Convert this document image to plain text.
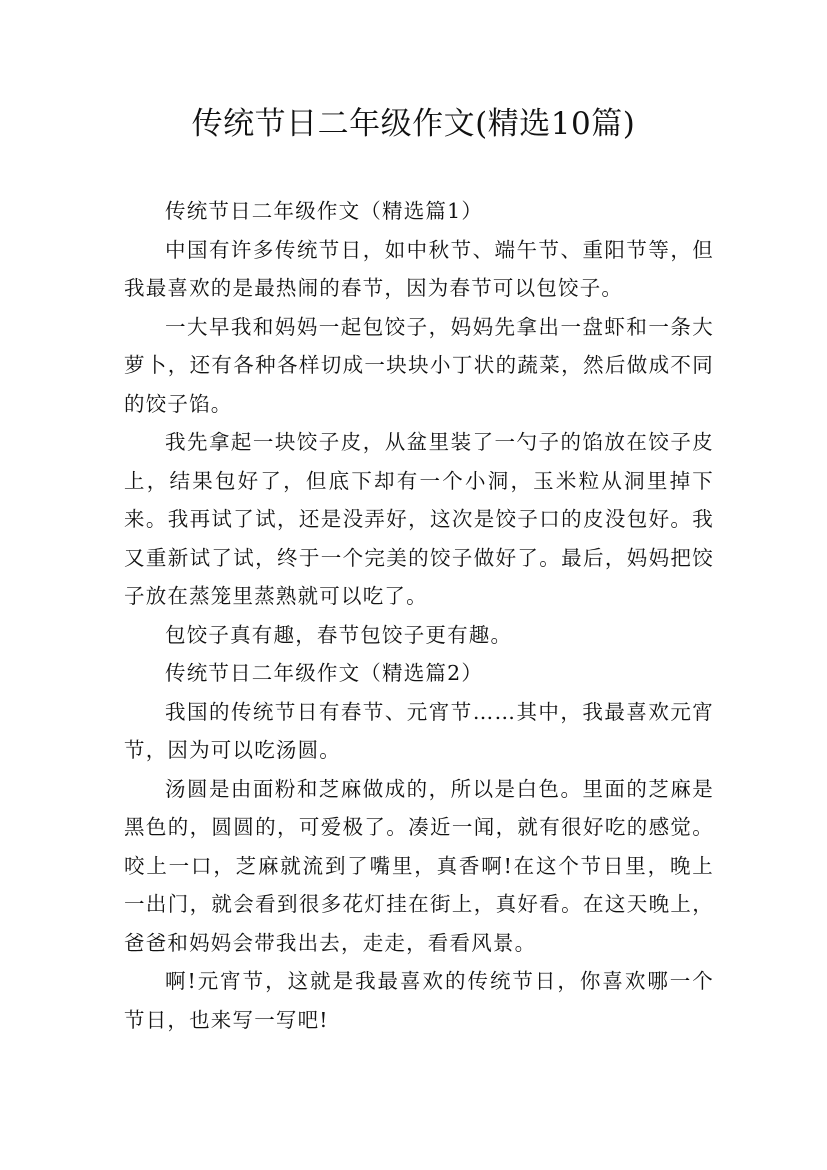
传统节日二年级作文(精选10篇)

传统节日二年级作文（精选篇1）

中国有许多传统节日，如中秋节、端午节、重阳节等，但我最喜欢的是最热闹的春节，因为春节可以包饺子。

一大早我和妈妈一起包饺子，妈妈先拿出一盘虾和一条大萝卜，还有各种各样切成一块块小丁状的蔬菜，然后做成不同的饺子馅。

我先拿起一块饺子皮，从盆里装了一勺子的馅放在饺子皮上，结果包好了，但底下却有一个小洞，玉米粒从洞里掉下来。我再试了试，还是没弄好，这次是饺子口的皮没包好。我又重新试了试，终于一个完美的饺子做好了。最后，妈妈把饺子放在蒸笼里蒸熟就可以吃了。

包饺子真有趣，春节包饺子更有趣。

传统节日二年级作文（精选篇2）

我国的传统节日有春节、元宵节……其中，我最喜欢元宵节，因为可以吃汤圆。

汤圆是由面粉和芝麻做成的，所以是白色。里面的芝麻是黑色的，圆圆的，可爱极了。凑近一闻，就有很好吃的感觉。咬上一口，芝麻就流到了嘴里，真香啊!在这个节日里，晚上一出门，就会看到很多花灯挂在街上，真好看。在这天晚上，爸爸和妈妈会带我出去，走走，看看风景。

啊!元宵节，这就是我最喜欢的传统节日，你喜欢哪一个节日，也来写一写吧!
